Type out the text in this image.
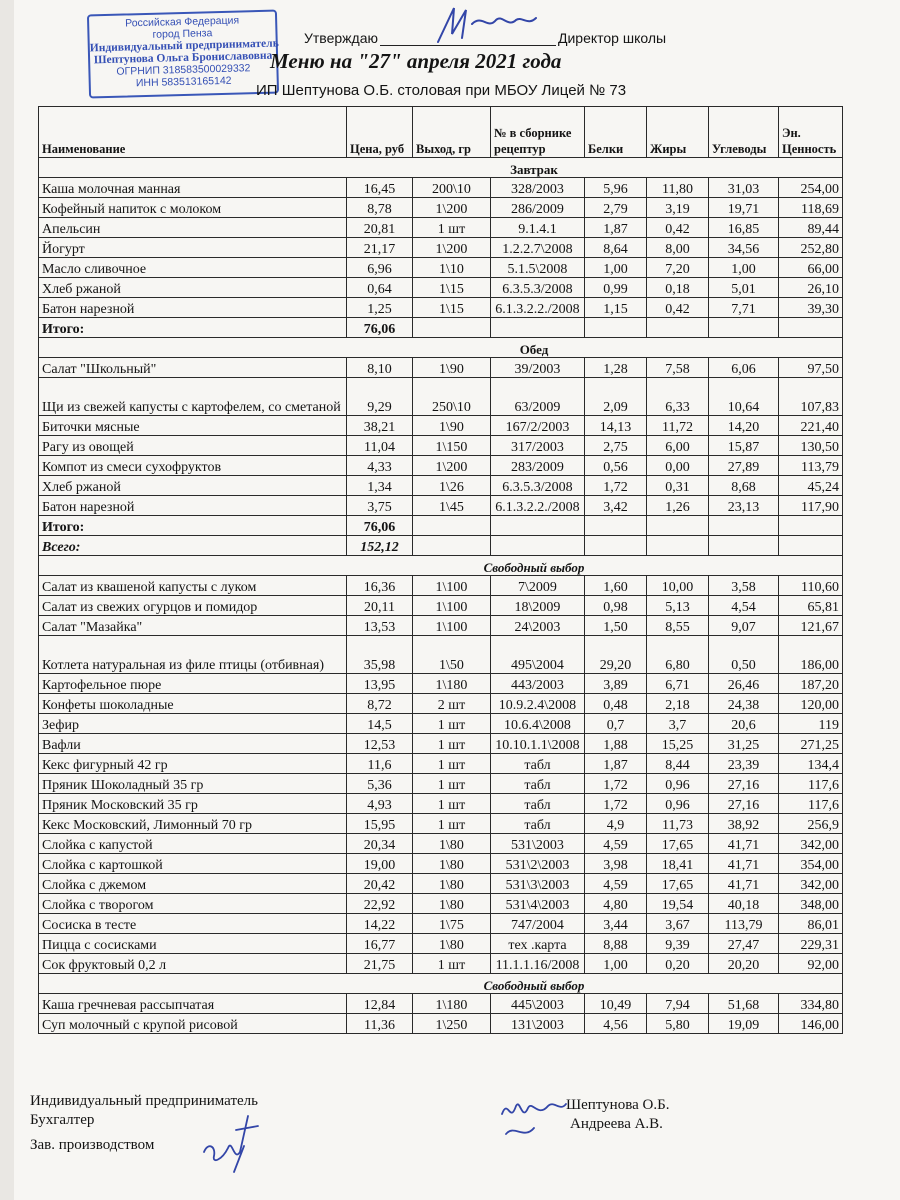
Российская Федерация
город Пенза
Индивидуальный предприниматель
Шептунова Ольга Брониславовна
ОГРНИП 318583500029332
ИНН 583513165142
Утверждаю	Директор школы
Меню на "27" апреля 2021 года
ИП Шептунова О.Б. столовая при МБОУ Лицей № 73
Наименование	Цена, руб	Выход, гр	№ в сборнике рецептур	Белки	Жиры	Углеводы	Эн. Ценность
Завтрак							
Каша молочная манная	16,45	200\10	328/2003	5,96	11,80	31,03	254,00
Кофейный напиток с молоком	8,78	1\200	286/2009	2,79	3,19	19,71	118,69
Апельсин	20,81	1 шт	9.1.4.1	1,87	0,42	16,85	89,44
Йогурт	21,17	1\200	1.2.2.7\2008	8,64	8,00	34,56	252,80
Масло сливочное	6,96	1\10	5.1.5\2008	1,00	7,20	1,00	66,00
Хлеб ржаной	0,64	1\15	6.3.5.3/2008	0,99	0,18	5,01	26,10
Батон нарезной	1,25	1\15	6.1.3.2.2./2008	1,15	0,42	7,71	39,30
Итого:	76,06						
Обед							
Салат "Школьный"	8,10	1\90	39/2003	1,28	7,58	6,06	97,50
Щи из свежей капусты с картофелем, со сметаной	9,29	250\10	63/2009	2,09	6,33	10,64	107,83
Биточки мясные	38,21	1\90	167/2/2003	14,13	11,72	14,20	221,40
Рагу из овощей	11,04	1\150	317/2003	2,75	6,00	15,87	130,50
Компот из смеси сухофруктов	4,33	1\200	283/2009	0,56	0,00	27,89	113,79
Хлеб ржаной	1,34	1\26	6.3.5.3/2008	1,72	0,31	8,68	45,24
Батон нарезной	3,75	1\45	6.1.3.2.2./2008	3,42	1,26	23,13	117,90
Итого:	76,06						
Всего:	152,12						
Свободный выбор							
Салат из квашеной капусты с луком	16,36	1\100	7\2009	1,60	10,00	3,58	110,60
Салат из свежих огурцов и помидор	20,11	1\100	18\2009	0,98	5,13	4,54	65,81
Салат "Мазайка"	13,53	1\100	24\2003	1,50	8,55	9,07	121,67
Котлета натуральная из филе птицы (отбивная)	35,98	1\50	495\2004	29,20	6,80	0,50	186,00
Картофельное пюре	13,95	1\180	443/2003	3,89	6,71	26,46	187,20
Конфеты шоколадные	8,72	2 шт	10.9.2.4\2008	0,48	2,18	24,38	120,00
Зефир	14,5	1 шт	10.6.4\2008	0,7	3,7	20,6	119
Вафли	12,53	1 шт	10.10.1.1\2008	1,88	15,25	31,25	271,25
Кекс фигурный 42 гр	11,6	1 шт	табл	1,87	8,44	23,39	134,4
Пряник Шоколадный 35 гр	5,36	1 шт	табл	1,72	0,96	27,16	117,6
Пряник Московский 35 гр	4,93	1 шт	табл	1,72	0,96	27,16	117,6
Кекс Московский, Лимонный 70 гр	15,95	1 шт	табл	4,9	11,73	38,92	256,9
Слойка с капустой	20,34	1\80	531\2003	4,59	17,65	41,71	342,00
Слойка с картошкой	19,00	1\80	531\2\2003	3,98	18,41	41,71	354,00
Слойка с джемом	20,42	1\80	531\3\2003	4,59	17,65	41,71	342,00
Слойка с творогом	22,92	1\80	531\4\2003	4,80	19,54	40,18	348,00
Сосиска в тесте	14,22	1\75	747/2004	3,44	3,67	113,79	86,01
Пицца с сосисками	16,77	1\80	тех .карта	8,88	9,39	27,47	229,31
Сок фруктовый 0,2 л	21,75	1 шт	11.1.1.16/2008	1,00	0,20	20,20	92,00
Свободный выбор							
Каша гречневая рассыпчатая	12,84	1\180	445\2003	10,49	7,94	51,68	334,80
Суп молочный с крупой рисовой	11,36	1\250	131\2003	4,56	5,80	19,09	146,00
Индивидуальный предприниматель
Бухгалтер
Зав. производством
Шептунова О.Б.
Андреева А.В.
